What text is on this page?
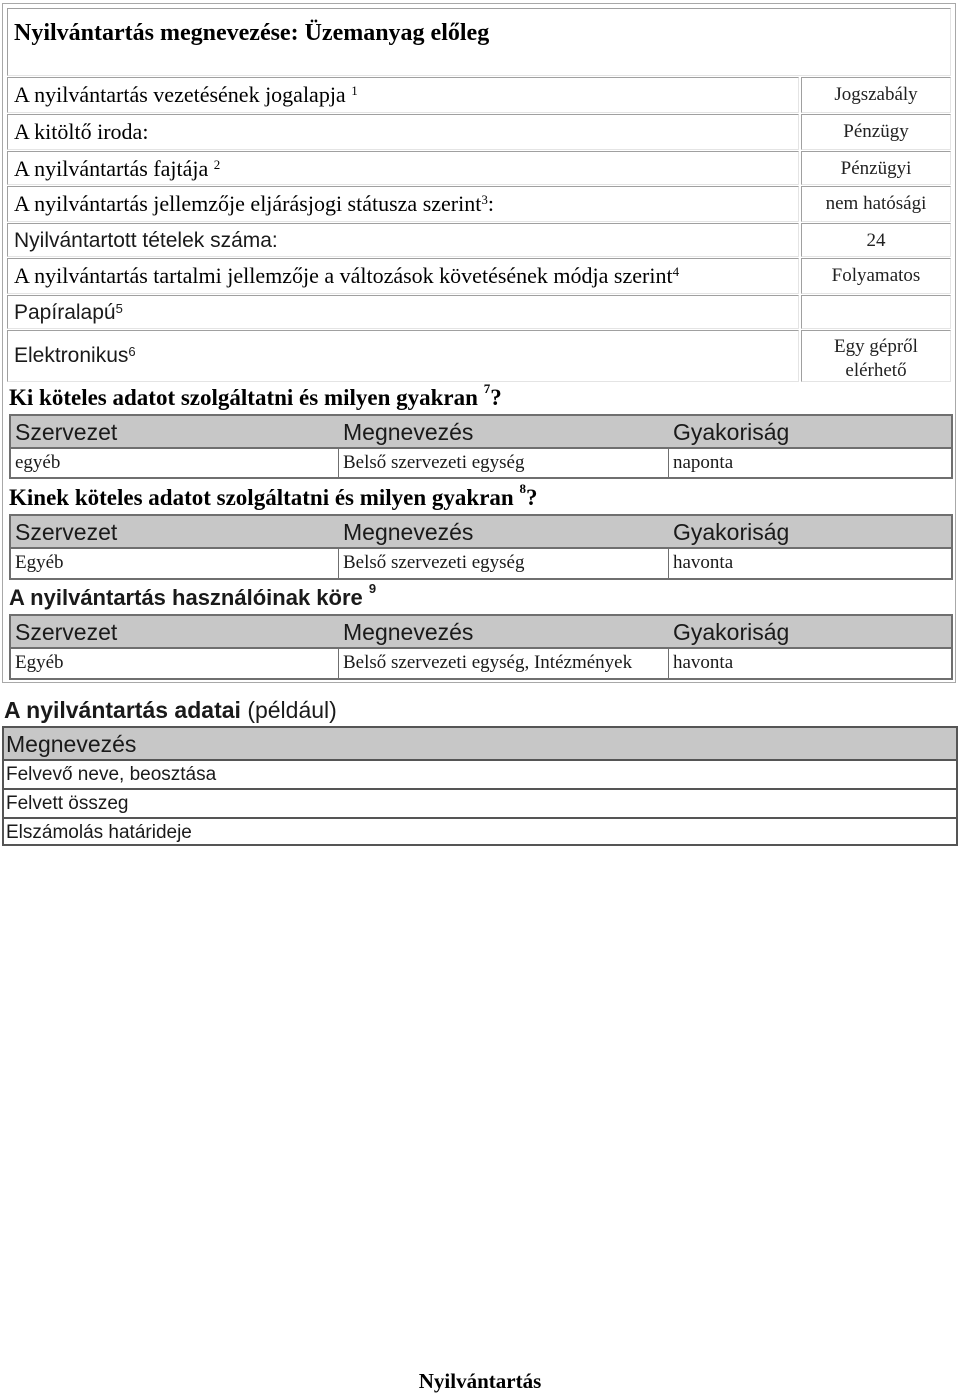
Nyilvántartás megnevezése: Üzemanyag előleg
A nyilvántartás vezetésének jogalapja $^1$	Jogszabály
A kitöltő iroda:	Pénzügy
A nyilvántartás fajtája $^2$	Pénzügyi
A nyilvántartás jellemzője eljárásjogi státusza szerint$^3$:	nem hatósági
Nyilvántartott tételek száma:	24
A nyilvántartás tartalmi jellemzője a változások követésének módja szerint$^4$	Folyamatos
Papíralapú$^5$
Elektronikus$^6$	Egy gépről
elérhető
Ki köteles adatot szolgáltatni és milyen gyakran $^7$?
Szervezet	Megnevezés	Gyakoriság
egyéb	Belső szervezeti egység	naponta
Kinek köteles adatot szolgáltatni és milyen gyakran $^8$?
Szervezet	Megnevezés	Gyakoriság
Egyéb	Belső szervezeti egység	havonta
A nyilvántartás használóinak köre $^9$
Szervezet	Megnevezés	Gyakoriság
Egyéb	Belső szervezeti egység, Intézmények	havonta
A nyilvántartás adatai (például)
Megnevezés
Felvevő neve, beosztása
Felvett összeg
Elszámolás határideje
Nyilvántartás
